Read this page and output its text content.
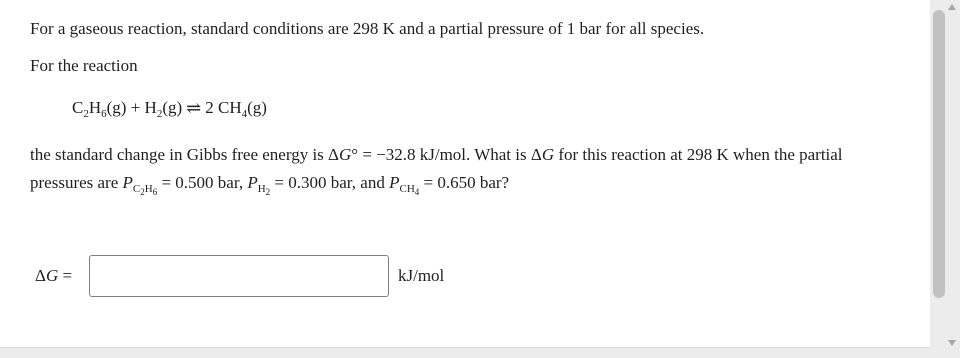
For a gaseous reaction, standard conditions are 298 K and a partial pressure of 1 bar for all species.
For the reaction
$C_2H_6(g) + H_2(g)$ ⇌ 2 $CH_4(g)$
the standard change in Gibbs free energy is ΔG° = −32.8 kJ/mol. What is ΔG for this reaction at 298 K when the partial
pressures are $P_{C_2H_6} = 0.500$ bar, $P_{H_2} = 0.300$ bar, and $P_{CH_4} = 0.650$ bar?
ΔG =	kJ/mol
